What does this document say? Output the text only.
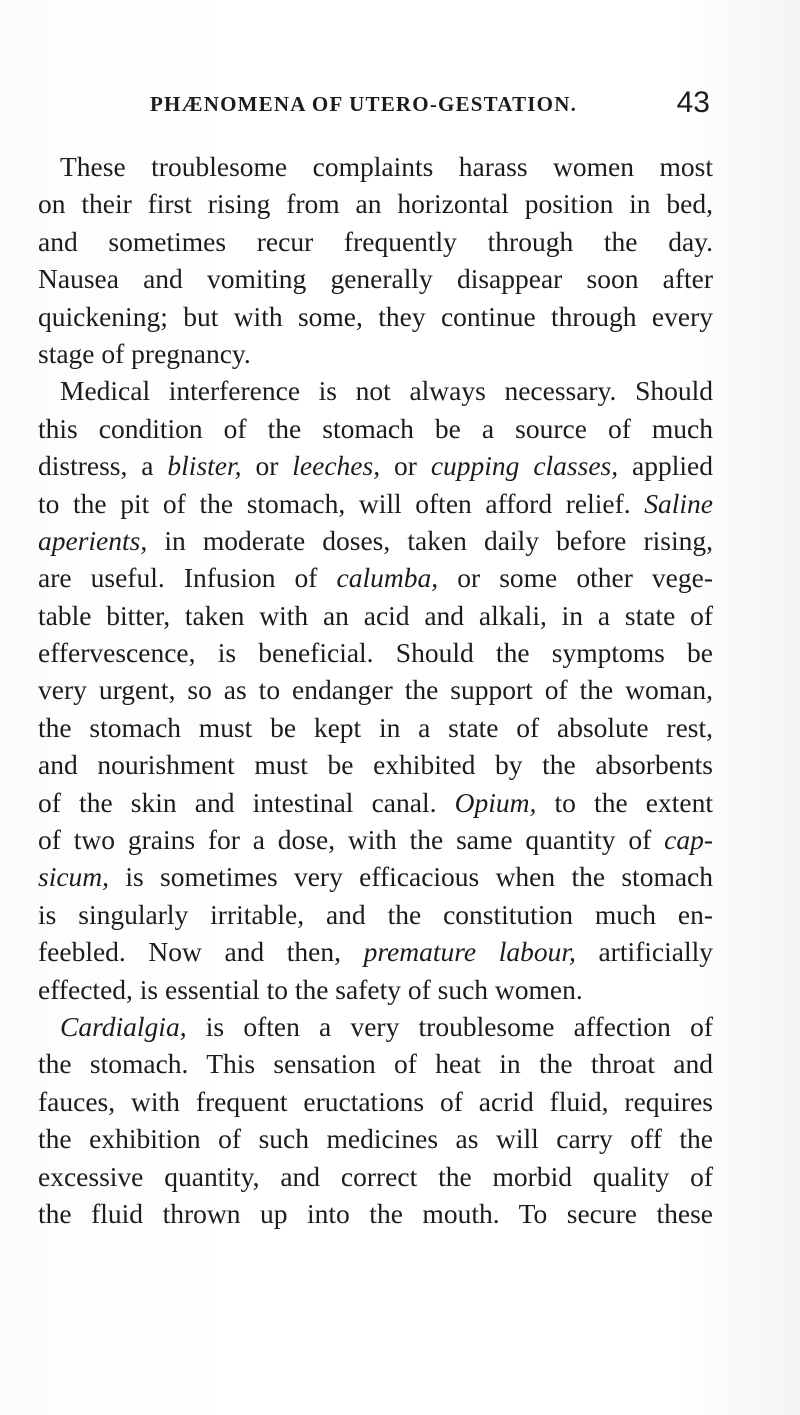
PHÆNOMENA OF UTERO-GESTATION.	43
These troublesome complaints harass women most
on their first rising from an horizontal position in bed,
and sometimes recur frequently through the day.
Nausea and vomiting generally disappear soon after
quickening; but with some, they continue through every
stage of pregnancy.
Medical interference is not always necessary. Should
this condition of the stomach be a source of much
distress, a blister, or leeches, or cupping classes, applied
to the pit of the stomach, will often afford relief. Saline
aperients, in moderate doses, taken daily before rising,
are useful. Infusion of calumba, or some other vege-
table bitter, taken with an acid and alkali, in a state of
effervescence, is beneficial. Should the symptoms be
very urgent, so as to endanger the support of the woman,
the stomach must be kept in a state of absolute rest,
and nourishment must be exhibited by the absorbents
of the skin and intestinal canal. Opium, to the extent
of two grains for a dose, with the same quantity of cap-
sicum, is sometimes very efficacious when the stomach
is singularly irritable, and the constitution much en-
feebled. Now and then, premature labour, artificially
effected, is essential to the safety of such women.
Cardialgia, is often a very troublesome affection of
the stomach. This sensation of heat in the throat and
fauces, with frequent eructations of acrid fluid, requires
the exhibition of such medicines as will carry off the
excessive quantity, and correct the morbid quality of
the fluid thrown up into the mouth. To secure these
